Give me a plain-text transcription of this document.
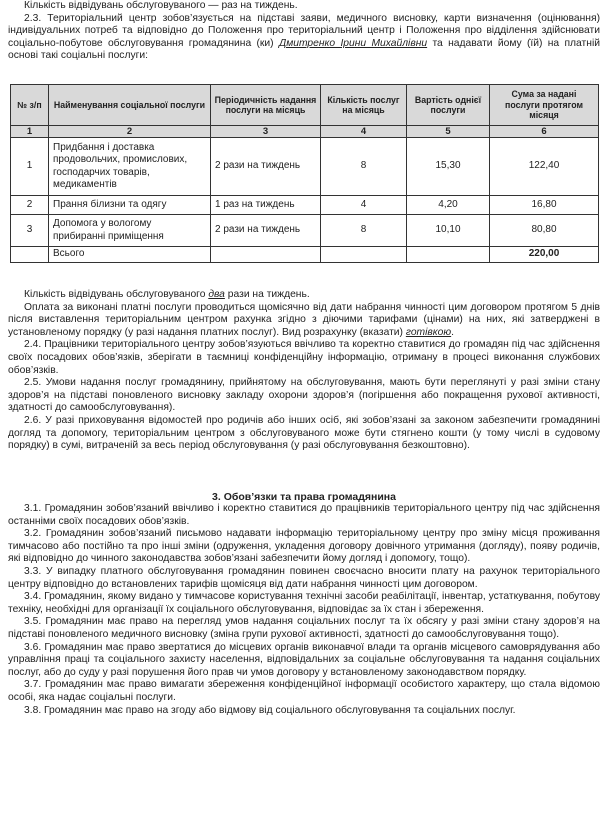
Кількість відвідувань обслуговуваного — раз на тиждень.

2.3. Територіальний центр зобов’язується на підставі заяви, медичного висновку, карти визначення (оцінювання) індивідуальних потреб та відповідно до Положення про територіальний центр і Положення про відділення здійснювати соціально-побутове обслуговування громадянина (ки) Дмитренко Ірини Михайлівни та надавати йому (їй) на платній основі такі соціальні послуги:

№ з/п	Найменування соціальної послуги	Періодичність надання послуги на місяць	Кількість послуг на місяць	Вартість однієї послуги	Сума за надані послуги протягом місяця
1	2	3	4	5	6
1	Придбання і доставка продовольчих, промислових, господарчих товарів, медикаментів	2 рази на тиждень	8	15,30	122,40
2	Прання білизни та одягу	1 раз на тиждень	4	4,20	16,80
3	Допомога у вологому прибиранні приміщення	2 рази на тиждень	8	10,10	80,80
	Всього				220,00

Кількість відвідувань обслуговуваного два рази на тиждень.

Оплата за виконані платні послуги проводиться щомісячно від дати набрання чинності цим договором протягом 5 днів після виставлення територіальним центром рахунка згідно з діючими тарифами (цінами) на них, які затверджені в установленому порядку (у разі надання платних послуг). Вид розрахунку (вказати) готівкою.

2.4. Працівники територіального центру зобов’язуються ввічливо та коректно ставитися до громадян під час здійснення своїх посадових обов’язків, зберігати в таємниці конфіденційну інформацію, отриману в процесі виконання службових обов’язків.

2.5. Умови надання послуг громадянину, прийнятому на обслуговування, мають бути переглянуті у разі зміни стану здоров’я на підставі поновленого висновку закладу охорони здоров’я (погіршення або покращення рухової активності, здатності до самообслуговування).

2.6. У разі приховування відомостей про родичів або інших осіб, які зобов’язані за законом забезпечити громадянині догляд та допомогу, територіальним центром з обслуговуваного може бути стягнено кошти (у тому числі в судовому порядку) в сумі, витраченій за весь період обслуговування (у разі обслуговування безкоштовно).

3. Обов’язки та права громадянина

3.1. Громадянин зобов’язаний ввічливо і коректно ставитися до працівників територіального центру під час здійснення останніми своїх посадових обов’язків.

3.2. Громадянин зобов’язаний письмово надавати інформацію територіальному центру про зміну місця проживання тимчасово або постійно та про інші зміни (одруження, укладення договору довічного утримання (догляду), появу родичів, які відповідно до чинного законодавства зобов’язані забезпечити йому догляд і допомогу, тощо).

3.3. У випадку платного обслуговування громадянин повинен своєчасно вносити плату на рахунок територіального центру відповідно до встановлених тарифів щомісяця від дати набрання чинності цим договором.

3.4. Громадянин, якому видано у тимчасове користування технічні засоби реабілітації, інвентар, устаткування, побутову техніку, необхідні для організації їх соціального обслуговування, відповідає за їх стан і збереження.

3.5. Громадянин має право на перегляд умов надання соціальних послуг та їх обсягу у разі зміни стану здоров’я на підставі поновленого медичного висновку (зміна групи рухової активності, здатності до самообслуговування тощо).

3.6. Громадянин має право звертатися до місцевих органів виконавчої влади та органів місцевого самоврядування або управління праці та соціального захисту населення, відповідальних за соціальне обслуговування та надання соціальних послуг, або до суду у разі порушення його прав чи умов договору у встановленому законодавством порядку.

3.7. Громадянин має право вимагати збереження конфіденційної інформації особистого характеру, що стала відомою особі, яка надає соціальні послуги.

3.8. Громадянин має право на згоду або відмову від соціального обслуговування та соціальних послуг.
